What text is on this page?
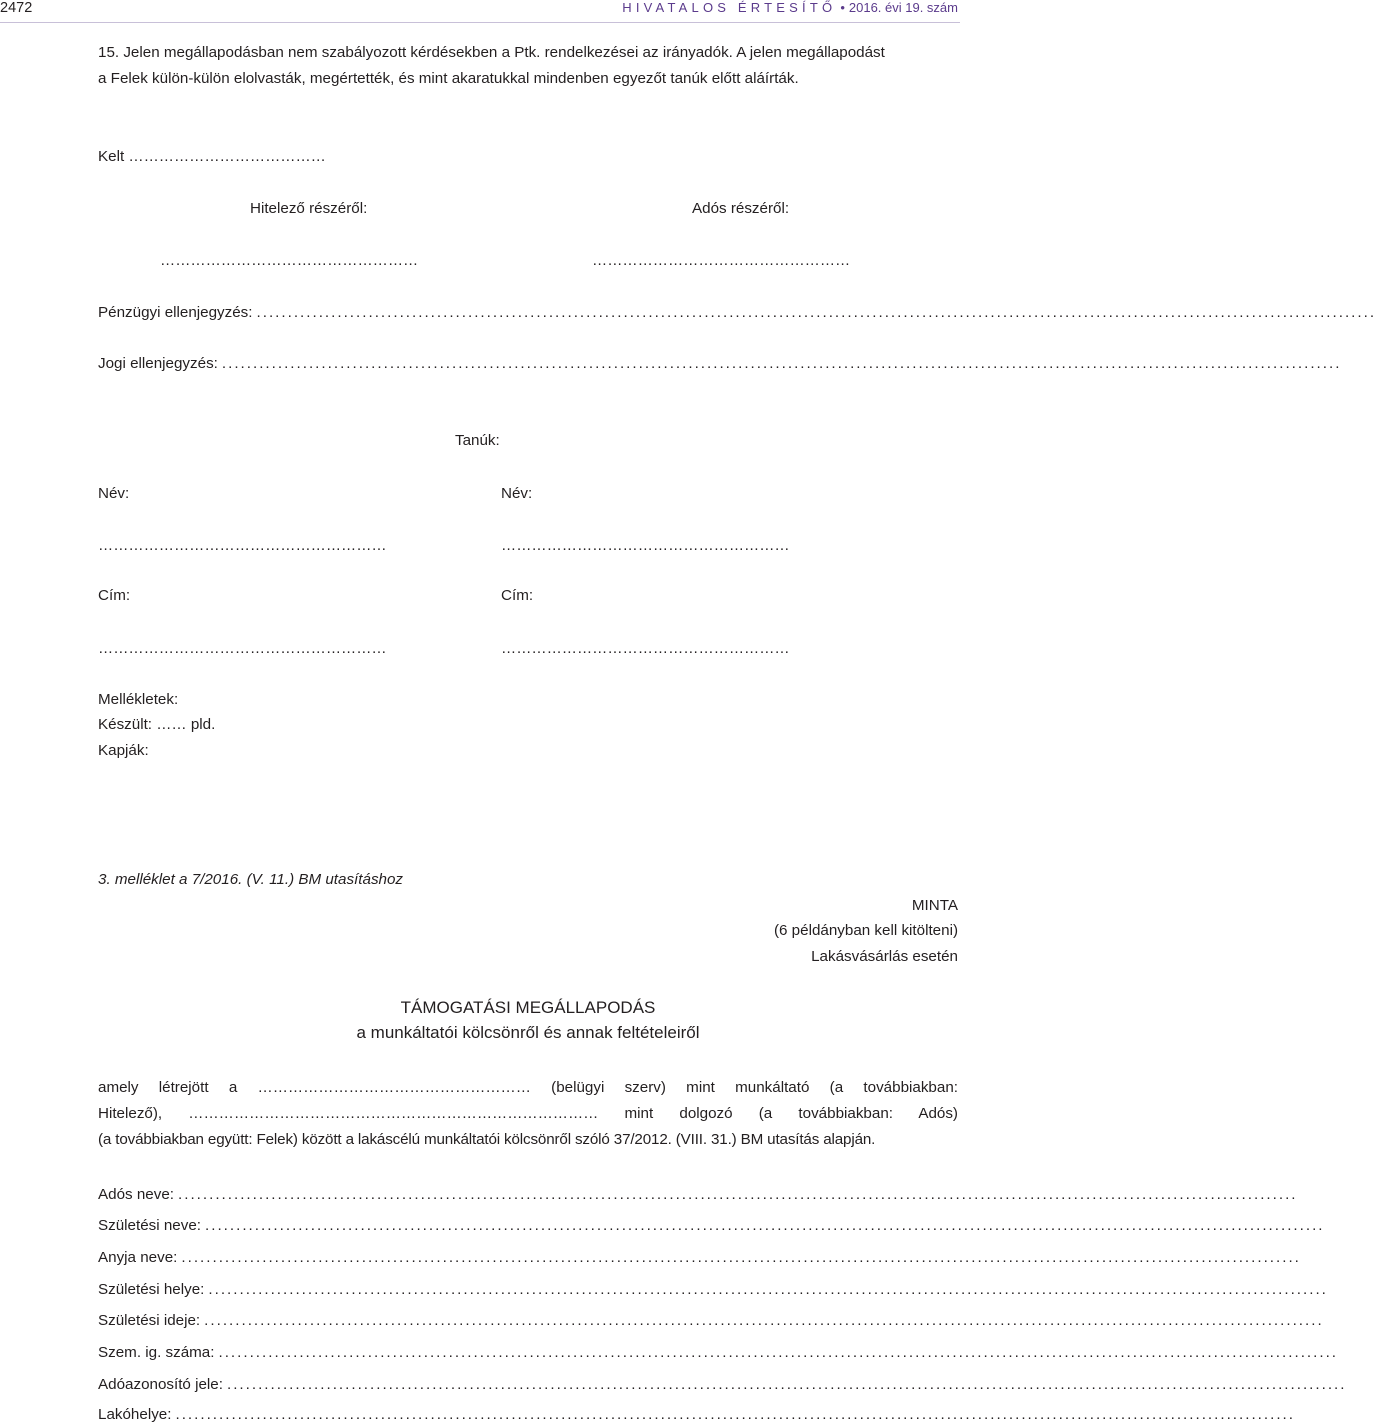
2472	HIVATALOS ÉRTESÍTŐ • 2016. évi 19. szám
15. Jelen megállapodásban nem szabályozott kérdésekben a Ptk. rendelkezései az irányadók. A jelen megállapodást
a Felek külön-külön elolvasták, megértették, és mint akaratukkal mindenben egyezőt tanúk előtt aláírták.
Kelt …………………………………
Hitelező részéről:	Adós részéről:
……………………………………………	……………………………………………
Pénzügyi ellenjegyzés: ....................................................................................................................................................................................
Jogi ellenjegyzés: ....................................................................................................................................................................................
Tanúk:
Név:	Név:
…………………………………………………	…………………………………………………
Cím:	Cím:
…………………………………………………	…………………………………………………
Mellékletek:
Készült: …… pld.
Kapják:
3. melléklet a 7/2016. (V. 11.) BM utasításhoz
MINTA
(6 példányban kell kitölteni)
Lakásvásárlás esetén
TÁMOGATÁSI MEGÁLLAPODÁS
a munkáltatói kölcsönről és annak feltételeiről
amely létrejött a ……………………………………………… (belügyi szerv) mint munkáltató (a továbbiakban:
Hitelező), ……………………………………………………………………… mint dolgozó (a továbbiakban: Adós)
(a továbbiakban együtt: Felek) között a lakáscélú munkáltatói kölcsönről szóló 37/2012. (VIII. 31.) BM utasítás alapján.
Adós neve: ....................................................................................................................................................................................
Születési neve: ....................................................................................................................................................................................
Anyja neve: ....................................................................................................................................................................................
Születési helye: ....................................................................................................................................................................................
Születési ideje: ....................................................................................................................................................................................
Szem. ig. száma: ....................................................................................................................................................................................
Adóazonosító jele: ....................................................................................................................................................................................
Lakóhelye: ....................................................................................................................................................................................
